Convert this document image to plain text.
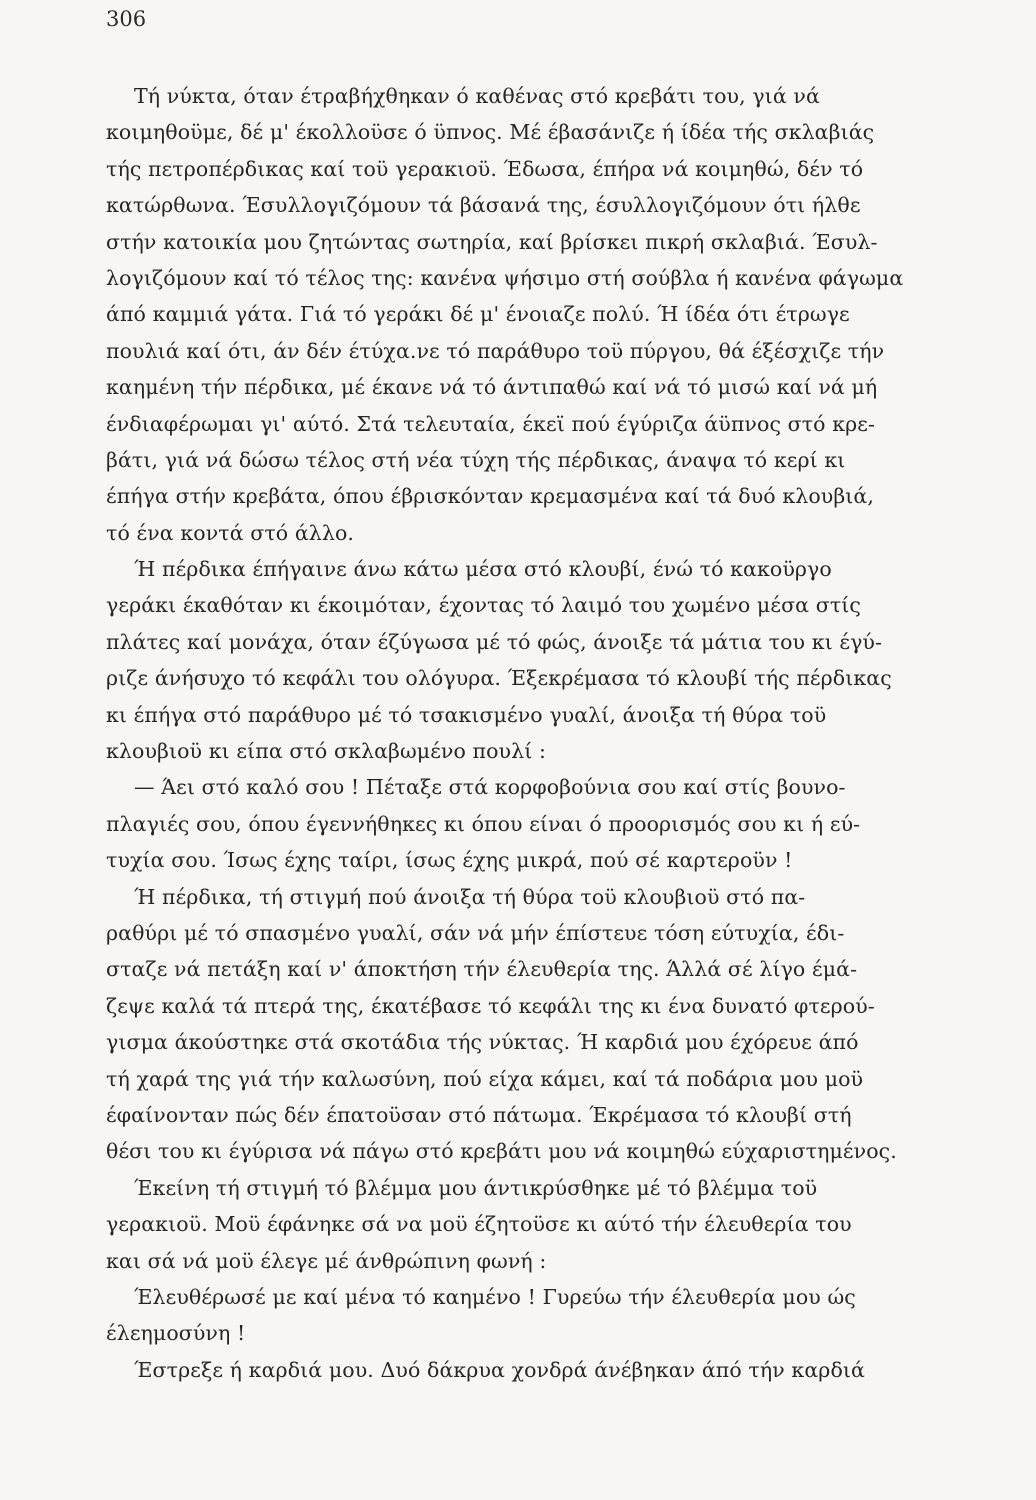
306
Τή νύκτα, όταν έτραβήχθηκαν ό καθένας στό κρεβάτι του, γιά νά
κοιμηθοϋμε, δέ μ' έκολλοϋσε ό ϋπνος. Μέ έβασάνιζε ή ίδέα τής σκλαβιάς
τής πετροπέρδικας καί τοϋ γερακιοϋ. Έδωσα, έπήρα νά κοιμηθώ, δέν τό
κατώρθωνα. Έσυλλογιζόμουν τά βάσανά της, έσυλλογιζόμουν ότι ήλθε
στήν κατοικία μου ζητώντας σωτηρία, καί βρίσκει πικρή σκλαβιά. Έσυλ-
λογιζόμουν καί τό τέλος της: κανένα ψήσιμο στή σούβλα ή κανένα φάγωμα
άπό καμμιά γάτα. Γιά τό γεράκι δέ μ' ένοιαζε πολύ. Ή ίδέα ότι έτρωγε
πουλιά καί ότι, άν δέν έτύχα.νε τό παράθυρο τοϋ πύργου, θά έξέσχιζε τήν
καημένη τήν πέρδικα, μέ έκανε νά τό άντιπαθώ καί νά τό μισώ καί νά μή
ένδιαφέρωμαι γι' αύτό. Στά τελευταία, έκεϊ πού έγύριζα άϋπνος στό κρε-
βάτι, γιά νά δώσω τέλος στή νέα τύχη τής πέρδικας, άναψα τό κερί κι
έπήγα στήν κρεβάτα, όπου έβρισκόνταν κρεμασμένα καί τά δυό κλουβιά,
τό ένα κοντά στό άλλο.
Ή πέρδικα έπήγαινε άνω κάτω μέσα στό κλουβί, ένώ τό κακοϋργο
γεράκι έκαθόταν κι έκοιμόταν, έχοντας τό λαιμό του χωμένο μέσα στίς
πλάτες καί μονάχα, όταν έζύγωσα μέ τό φώς, άνοιξε τά μάτια του κι έγύ-
ριζε άνήσυχο τό κεφάλι του ολόγυρα. Έξεκρέμασα τό κλουβί τής πέρδικας
κι έπήγα στό παράθυρο μέ τό τσακισμένο γυαλί, άνοιξα τή θύρα τοϋ
κλουβιοϋ κι είπα στό σκλαβωμένο πουλί :
— Άει στό καλό σου ! Πέταξε στά κορφοβούνια σου καί στίς βουνο-
πλαγιές σου, όπου έγεννήθηκες κι όπου είναι ό προορισμός σου κι ή εύ-
τυχία σου. Ίσως έχης ταίρι, ίσως έχης μικρά, πού σέ καρτεροϋν !
Ή πέρδικα, τή στιγμή πού άνοιξα τή θύρα τοϋ κλουβιοϋ στό πα-
ραθύρι μέ τό σπασμένο γυαλί, σάν νά μήν έπίστευε τόση εύτυχία, έδι-
σταζε νά πετάξη καί ν' άποκτήση τήν έλευθερία της. Άλλά σέ λίγο έμά-
ζεψε καλά τά πτερά της, έκατέβασε τό κεφάλι της κι ένα δυνατό φτερού-
γισμα άκούστηκε στά σκοτάδια τής νύκτας. Ή καρδιά μου έχόρευε άπό
τή χαρά της γιά τήν καλωσύνη, πού είχα κάμει, καί τά ποδάρια μου μοϋ
έφαίνονταν πώς δέν έπατοϋσαν στό πάτωμα. Έκρέμασα τό κλουβί στή
θέσι του κι έγύρισα νά πάγω στό κρεβάτι μου νά κοιμηθώ εύχαριστημένος.
Έκείνη τή στιγμή τό βλέμμα μου άντικρύσθηκε μέ τό βλέμμα τοϋ
γερακιοϋ. Μοϋ έφάνηκε σά να μοϋ έζητοϋσε κι αύτό τήν έλευθερία του
και σά νά μοϋ έλεγε μέ άνθρώπινη φωνή :
Έλευθέρωσέ με καί μένα τό καημένο ! Γυρεύω τήν έλευθερία μου ώς
έλεημοσύνη !
Έστρεξε ή καρδιά μου. Δυό δάκρυα χονδρά άνέβηκαν άπό τήν καρδιά
